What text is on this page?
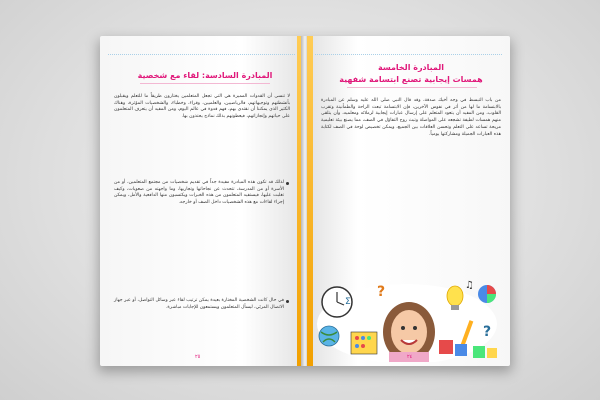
المبادرة السادسة: لقاء مع شخصية
لا تنسى أن القدوات المميزة هي التي تجعل المتعلمين يختارون طريقاً ما للتعلم ويقبلون بأنشطتهم وتوجيهاتهم، فالرياضيين، والعلميين، وقراء، وخطباء، والشخصيات المؤثرة، وهناك الكثير الذي يمكننا أن نقتدي بهم، فهم قدوة في عالم اليوم، ومن المفيد أن يتعرف المتعلمون على حياتهم وإنجازاتهم، فيعطونهم بذلك نماذج يحتذون بها.
لذلك قد تكون هذه المبادرة مفيدة جداً في تقديم شخصيات من مجتمع المتعلمين، أو من الأسرة أو من المدرسة، تتحدث عن نجاحاتها وتجاربها، وما واجهته من صعوبات، وكيف تغلبت عليها، فيستفيد المتعلمون من هذه الخبرات ويكتسبون منها الدافعية والأمل، ويمكن إجراء لقاءات مع هذه الشخصيات داخل الصف أو خارجه.
في حال كانت الشخصية المختارة بعيدة يمكن ترتيب لقاء عبر وسائل التواصل، أو عبر جهاز الاتصال المرئي، ليسأل المتعلمون ويستمعون للإجابات مباشرة.
٢٥
المبادرة الخامسة
همسات إيجابية تصنع ابتسامة شفهية
من باب التبسط في وجه أخيك صدقة، وقد قال النبي صلى الله عليه وسلم عن المبادرة بالابتسامة ما لها من أثر في نفوس الآخرين، فإن الابتسامة تبعث الراحة والطمأنينة وتقرب القلوب، ومن المفيد أن يتعود المتعلم على إرسال عبارات إيجابية لزملائه ومعلميه، وأن يتلقى منهم همسات لطيفة تشجعه على المواصلة وتبث روح التفاؤل في الصف، مما يصنع بيئة تعليمية مريحة تساعد على التعلم وتحسن العلاقات بين الجميع، ويمكن تخصيص لوحة في الصف لكتابة هذه العبارات الجميلة ومشاركتها يومياً.
Σ
?	♫
?
٢٤
